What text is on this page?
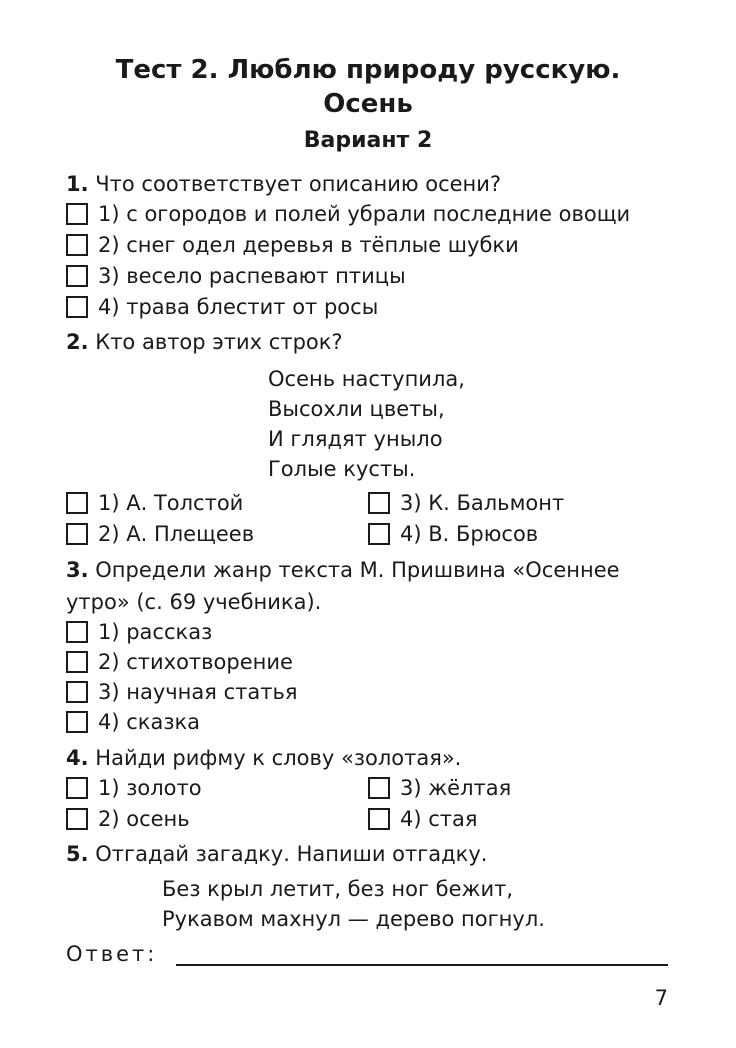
Тест 2. Люблю природу русскую.
Осень
Вариант 2
1. Что соответствует описанию осени?
1) с огородов и полей убрали последние овощи
2) снег одел деревья в тёплые шубки
3) весело распевают птицы
4) трава блестит от росы
2. Кто автор этих строк?
Осень наступила,
Высохли цветы,
И глядят уныло
Голые кусты.
1) А. Толстой
2) А. Плещеев
3) К. Бальмонт
4) В. Брюсов
3. Определи жанр текста М. Пришвина «Осеннее
утро» (с. 69 учебника).
1) рассказ
2) стихотворение
3) научная статья
4) сказка
4. Найди рифму к слову «золотая».
1) золото
2) осень
3) жёлтая
4) стая
5. Отгадай загадку. Напиши отгадку.
Без крыл летит, без ног бежит,
Рукавом махнул — дерево погнул.
Ответ:
7
